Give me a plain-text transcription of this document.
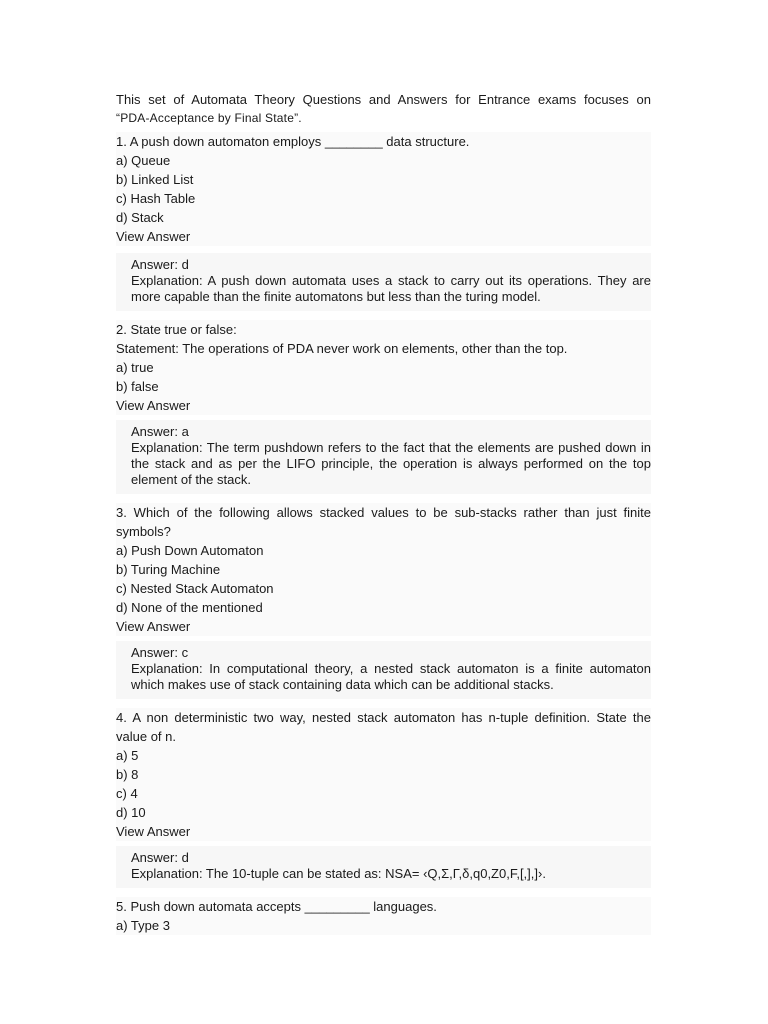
This set of Automata Theory Questions and Answers for Entrance exams focuses on
“PDA-Acceptance by Final State”.

1. A push down automaton employs ________ data structure.

a) Queue

b) Linked List

c) Hash Table

d) Stack

View Answer

Answer: d

Explanation: A push down automata uses a stack to carry out its operations. They are more capable than the finite automatons but less than the turing model.

2. State true or false:

Statement: The operations of PDA never work on elements, other than the top.

a) true

b) false

View Answer

Answer: a

Explanation: The term pushdown refers to the fact that the elements are pushed down in the stack and as per the LIFO principle, the operation is always performed on the top element of the stack.

3. Which of the following allows stacked values to be sub-stacks rather than just finite symbols?

a) Push Down Automaton

b) Turing Machine

c) Nested Stack Automaton

d) None of the mentioned

View Answer

Answer: c

Explanation: In computational theory, a nested stack automaton is a finite automaton which makes use of stack containing data which can be additional stacks.

4. A non deterministic two way, nested stack automaton has n-tuple definition. State the value of n.

a) 5

b) 8

c) 4

d) 10

View Answer

Answer: d

Explanation: The 10-tuple can be stated as: NSA= ‹Q,Σ,Γ,δ,q0,Z0,F,[,],]›.

5. Push down automata accepts _________ languages.

a) Type 3
